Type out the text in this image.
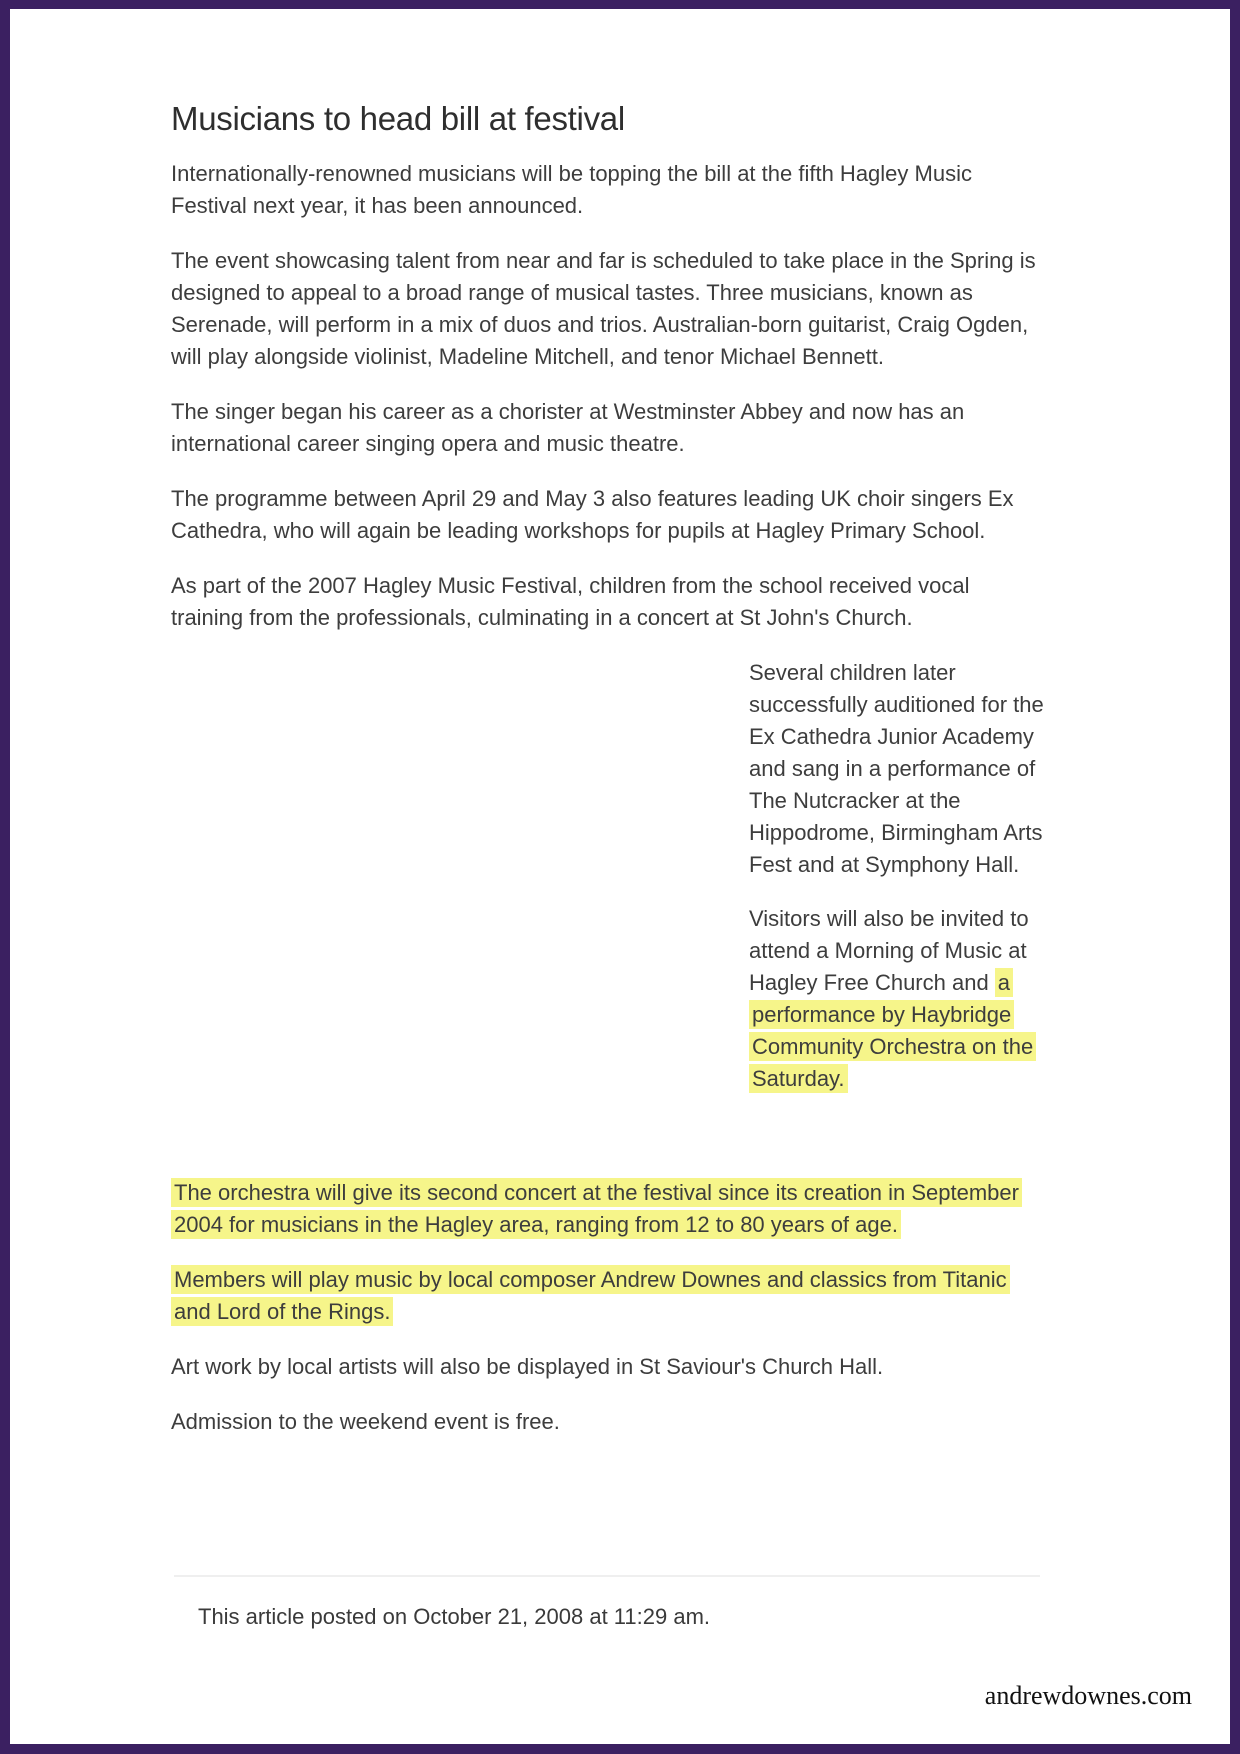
Musicians to head bill at festival

Internationally-renowned musicians will be topping the bill at the fifth Hagley Music Festival next year, it has been announced.

The event showcasing talent from near and far is scheduled to take place in the Spring is designed to appeal to a broad range of musical tastes. Three musicians, known as Serenade, will perform in a mix of duos and trios. Australian-born guitarist, Craig Ogden, will play alongside violinist, Madeline Mitchell, and tenor Michael Bennett.

The singer began his career as a chorister at Westminster Abbey and now has an international career singing opera and music theatre.

The programme between April 29 and May 3 also features leading UK choir singers Ex Cathedra, who will again be leading workshops for pupils at Hagley Primary School.

As part of the 2007 Hagley Music Festival, children from the school received vocal training from the professionals, culminating in a concert at St John's Church.

Several children later successfully auditioned for the Ex Cathedra Junior Academy and sang in a performance of The Nutcracker at the Hippodrome, Birmingham Arts Fest and at Symphony Hall.

Visitors will also be invited to attend a Morning of Music at Hagley Free Church and a performance by Haybridge Community Orchestra on the Saturday.

The orchestra will give its second concert at the festival since its creation in September 2004 for musicians in the Hagley area, ranging from 12 to 80 years of age.

Members will play music by local composer Andrew Downes and classics from Titanic and Lord of the Rings.

Art work by local artists will also be displayed in St Saviour's Church Hall.

Admission to the weekend event is free.

This article posted on October 21, 2008 at 11:29 am.
andrewdownes.com
